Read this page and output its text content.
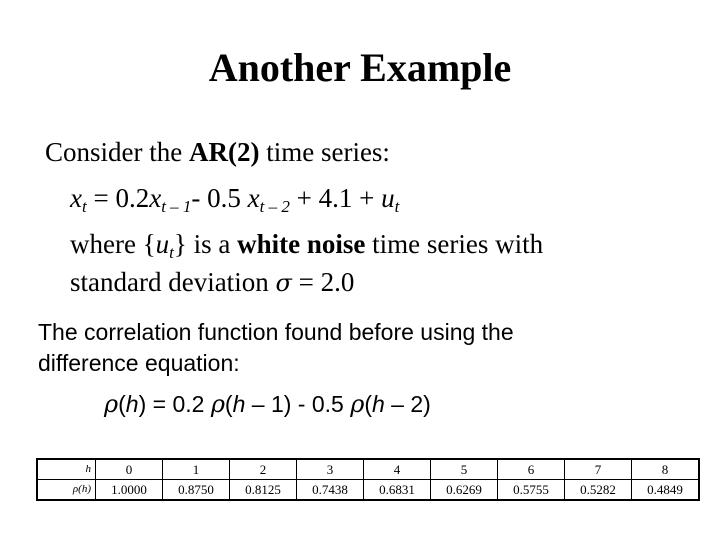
Another Example
Consider the AR(2) time series:
$x_t = 0.2x_{t - 1}-$ 0.5 $x_{t - 2} + 4.1 + u_t$
where $\{u_t\}$ is a white noise time series with
standard deviation σ = 2.0
The correlation function found before using the
difference equation:
ρ(h) = 0.2 ρ(h – 1) - 0.5 ρ(h – 2)
h	0	1	2	3	4	5	6	7	8
ρ(h)	1.0000	0.8750	0.8125	0.7438	0.6831	0.6269	0.5755	0.5282	0.4849
